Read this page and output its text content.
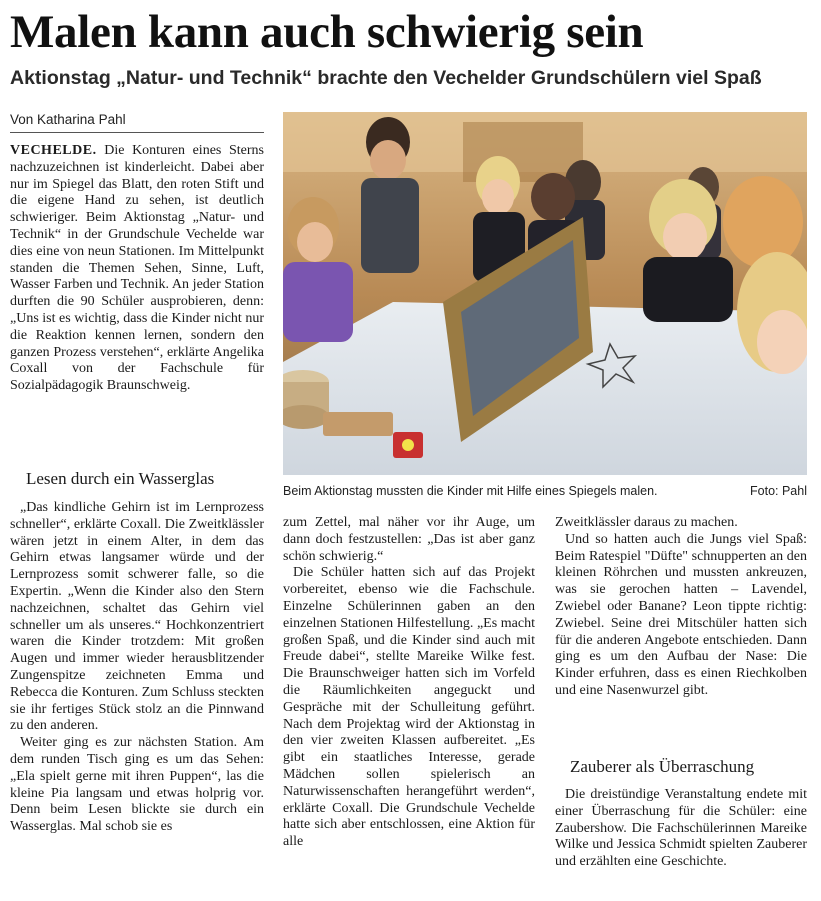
Malen kann auch schwierig sein
Aktionstag „Natur- und Technik“ brachte den Vechelder Grundschülern viel Spaß
Von Katharina Pahl

VECHELDE. Die Konturen eines Sterns nachzuzeichnen ist kinderleicht. Dabei aber nur im Spiegel das Blatt, den roten Stift und die eigene Hand zu sehen, ist deutlich schwieriger. Beim Aktionstag „Natur- und Technik“ in der Grundschule Vechelde war dies eine von neun Stationen. Im Mittelpunkt standen die Themen Sehen, Sinne, Luft, Wasser Farben und Technik. An jeder Station durften die 90 Schüler ausprobieren, denn: „Uns ist es wichtig, dass die Kinder nicht nur die Reaktion kennen lernen, sondern den ganzen Prozess verstehen“, erklärte Angelika Coxall von der Fachschule für Sozialpädagogik Braunschweig.

Lesen durch ein Wasserglas

„Das kindliche Gehirn ist im Lernprozess schneller“, erklärte Coxall. Die Zweitklässler wären jetzt in einem Alter, in dem das Gehirn etwas langsamer würde und der Lernprozess somit schwerer falle, so die Expertin. „Wenn die Kinder also den Stern nachzeichnen, schaltet das Gehirn viel schneller um als unseres.“ Hochkonzentriert waren die Kinder trotzdem: Mit großen Augen und immer wieder herausblitzender Zungenspitze zeichneten Emma und Rebecca die Konturen. Zum Schluss steckten sie ihr fertiges Stück stolz an die Pinnwand zu den anderen.

Weiter ging es zur nächsten Station. Am dem runden Tisch ging es um das Sehen: „Ela spielt gerne mit ihren Puppen“, las die kleine Pia langsam und etwas holprig vor. Denn beim Lesen blickte sie durch ein Wasserglas. Mal schob sie es

Beim Aktionstag mussten die Kinder mit Hilfe eines Spiegels malen.	Foto: Pahl

zum Zettel, mal näher vor ihr Auge, um dann doch festzustellen: „Das ist aber ganz schön schwierig.“

Die Schüler hatten sich auf das Projekt vorbereitet, ebenso wie die Fachschule. Einzelne Schülerinnen gaben an den einzelnen Stationen Hilfestellung. „Es macht großen Spaß, und die Kinder sind auch mit Freude dabei“, stellte Mareike Wilke fest. Die Braunschweiger hatten sich im Vorfeld die Räumlichkeiten angeguckt und Gespräche mit der Schulleitung geführt. Nach dem Projektag wird der Aktionstag in den vier zweiten Klassen aufbereitet. „Es gibt ein staatliches Interesse, gerade Mädchen sollen spielerisch an Naturwissenschaften herangeführt werden“, erklärte Coxall. Die Grundschule Vechelde hatte sich aber entschlossen, eine Aktion für alle

Zweitklässler daraus zu machen.

Und so hatten auch die Jungs viel Spaß: Beim Ratespiel "Düfte" schnupperten an den kleinen Röhrchen und mussten ankreuzen, was sie gerochen hatten – Lavendel, Zwiebel oder Banane? Leon tippte richtig: Zwiebel. Seine drei Mitschüler hatten sich für die anderen Angebote entschieden. Dann ging es um den Aufbau der Nase: Die Kinder erfuhren, dass es einen Riechkolben und eine Nasenwurzel gibt.

Zauberer als Überraschung

Die dreistündige Veranstaltung endete mit einer Überraschung für die Schüler: eine Zaubershow. Die Fachschülerinnen Mareike Wilke und Jessica Schmidt spielten Zauberer und erzählten eine Geschichte.
